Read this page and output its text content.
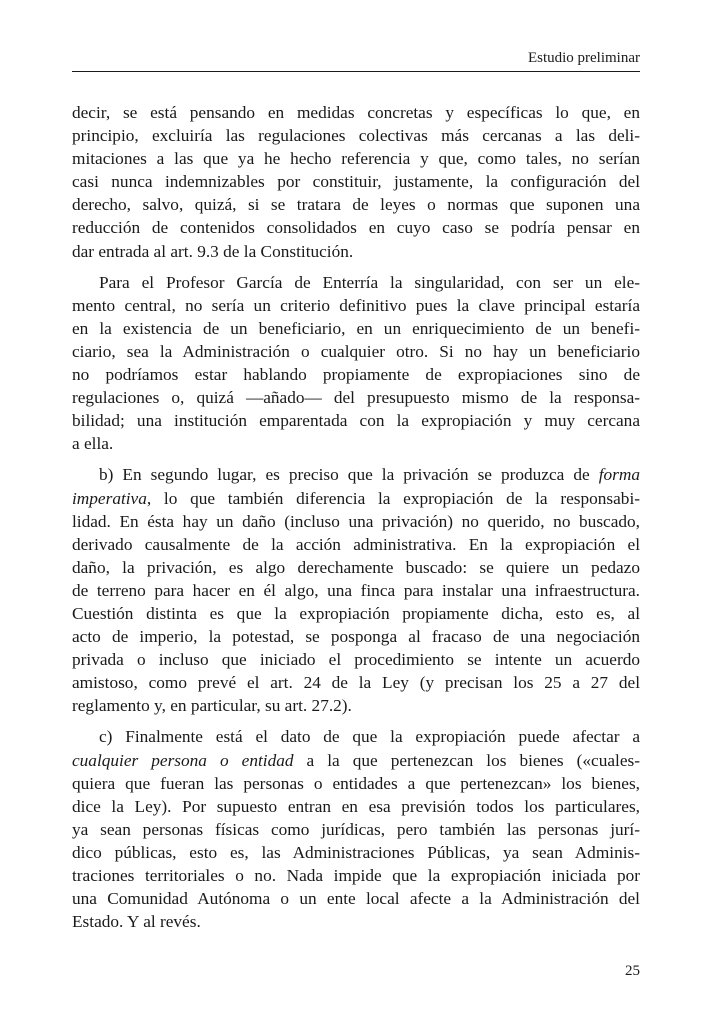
Estudio preliminar
decir, se está pensando en medidas concretas y específicas lo que, en
principio, excluiría las regulaciones colectivas más cercanas a las deli-
mitaciones a las que ya he hecho referencia y que, como tales, no serían
casi nunca indemnizables por constituir, justamente, la configuración del
derecho, salvo, quizá, si se tratara de leyes o normas que suponen una
reducción de contenidos consolidados en cuyo caso se podría pensar en
dar entrada al art. 9.3 de la Constitución.
Para el Profesor García de Enterría la singularidad, con ser un ele-
mento central, no sería un criterio definitivo pues la clave principal estaría
en la existencia de un beneficiario, en un enriquecimiento de un benefi-
ciario, sea la Administración o cualquier otro. Si no hay un beneficiario
no podríamos estar hablando propiamente de expropiaciones sino de
regulaciones o, quizá —añado— del presupuesto mismo de la responsa-
bilidad; una institución emparentada con la expropiación y muy cercana
a ella.
b) En segundo lugar, es preciso que la privación se produzca de forma
imperativa, lo que también diferencia la expropiación de la responsabi-
lidad. En ésta hay un daño (incluso una privación) no querido, no buscado,
derivado causalmente de la acción administrativa. En la expropiación el
daño, la privación, es algo derechamente buscado: se quiere un pedazo
de terreno para hacer en él algo, una finca para instalar una infraestructura.
Cuestión distinta es que la expropiación propiamente dicha, esto es, al
acto de imperio, la potestad, se posponga al fracaso de una negociación
privada o incluso que iniciado el procedimiento se intente un acuerdo
amistoso, como prevé el art. 24 de la Ley (y precisan los 25 a 27 del
reglamento y, en particular, su art. 27.2).
c) Finalmente está el dato de que la expropiación puede afectar a
cualquier persona o entidad a la que pertenezcan los bienes («cuales-
quiera que fueran las personas o entidades a que pertenezcan» los bienes,
dice la Ley). Por supuesto entran en esa previsión todos los particulares,
ya sean personas físicas como jurídicas, pero también las personas jurí-
dico públicas, esto es, las Administraciones Públicas, ya sean Adminis-
traciones territoriales o no. Nada impide que la expropiación iniciada por
una Comunidad Autónoma o un ente local afecte a la Administración del
Estado. Y al revés.
25
